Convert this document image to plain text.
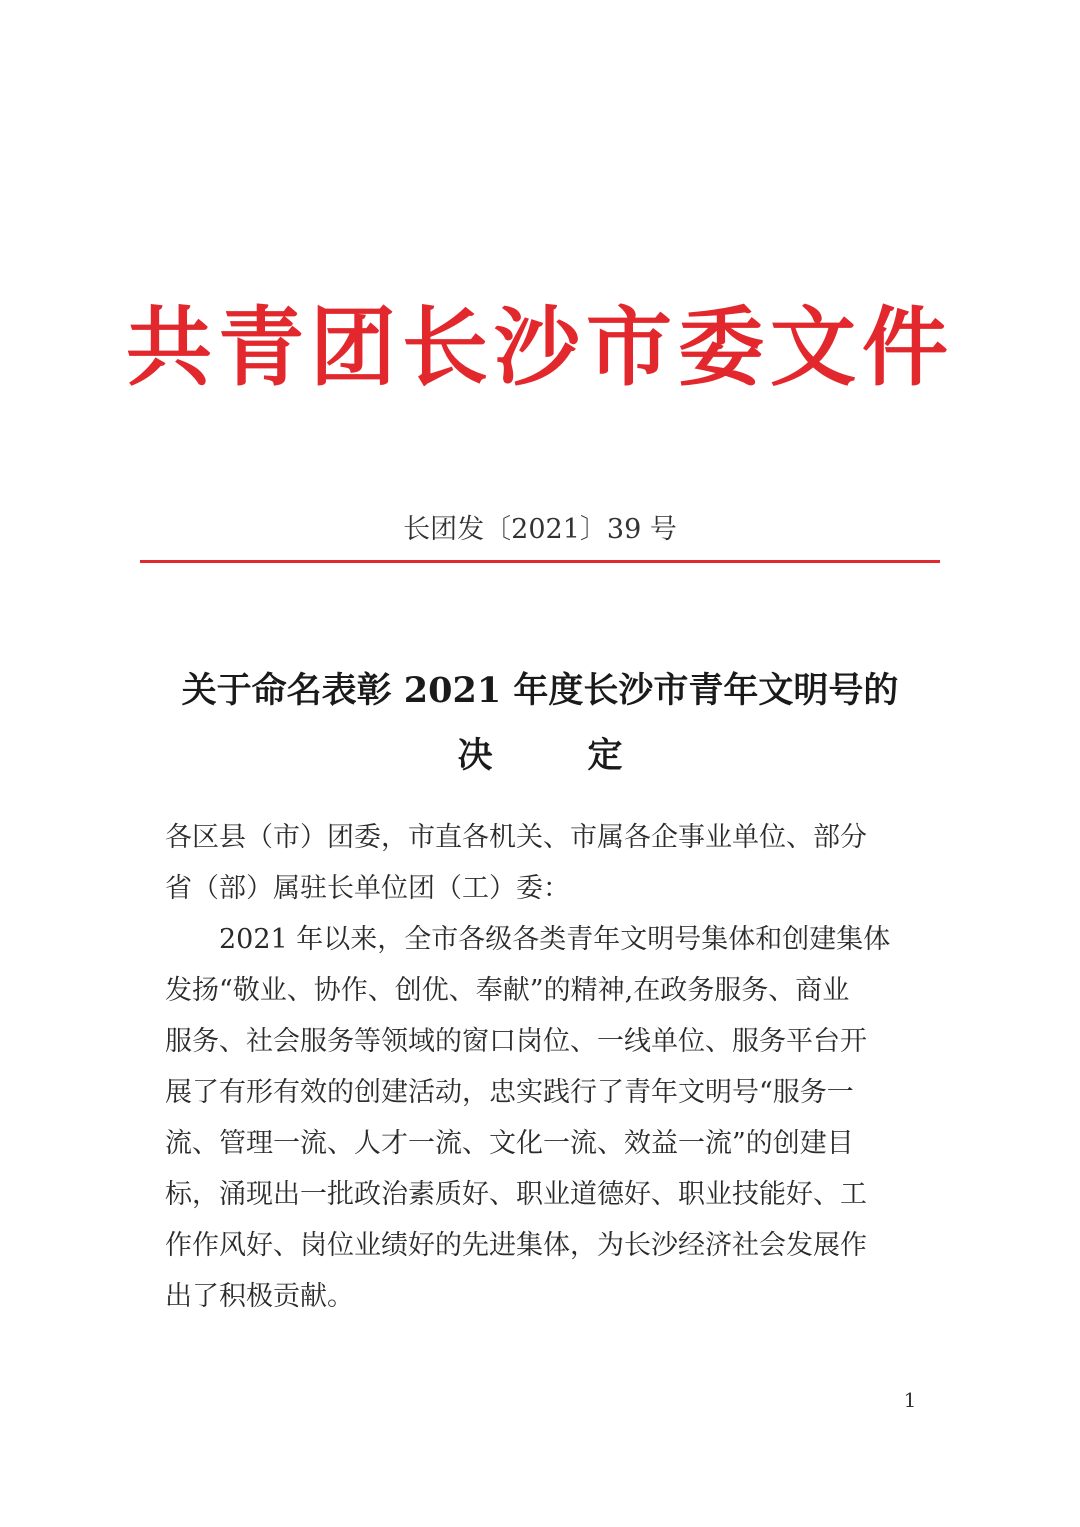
共青团长沙市委文件
长团发〔2021〕39 号
关于命名表彰 2021 年度长沙市青年文明号的
决　定
各区县（市）团委，市直各机关、市属各企事业单位、部分
省（部）属驻长单位团（工）委：
2021 年以来，全市各级各类青年文明号集体和创建集体
发扬“敬业、协作、创优、奉献”的精神,在政务服务、商业
服务、社会服务等领域的窗口岗位、一线单位、服务平台开
展了有形有效的创建活动，忠实践行了青年文明号“服务一
流、管理一流、人才一流、文化一流、效益一流”的创建目
标，涌现出一批政治素质好、职业道德好、职业技能好、工
作作风好、岗位业绩好的先进集体，为长沙经济社会发展作
出了积极贡献。
1
